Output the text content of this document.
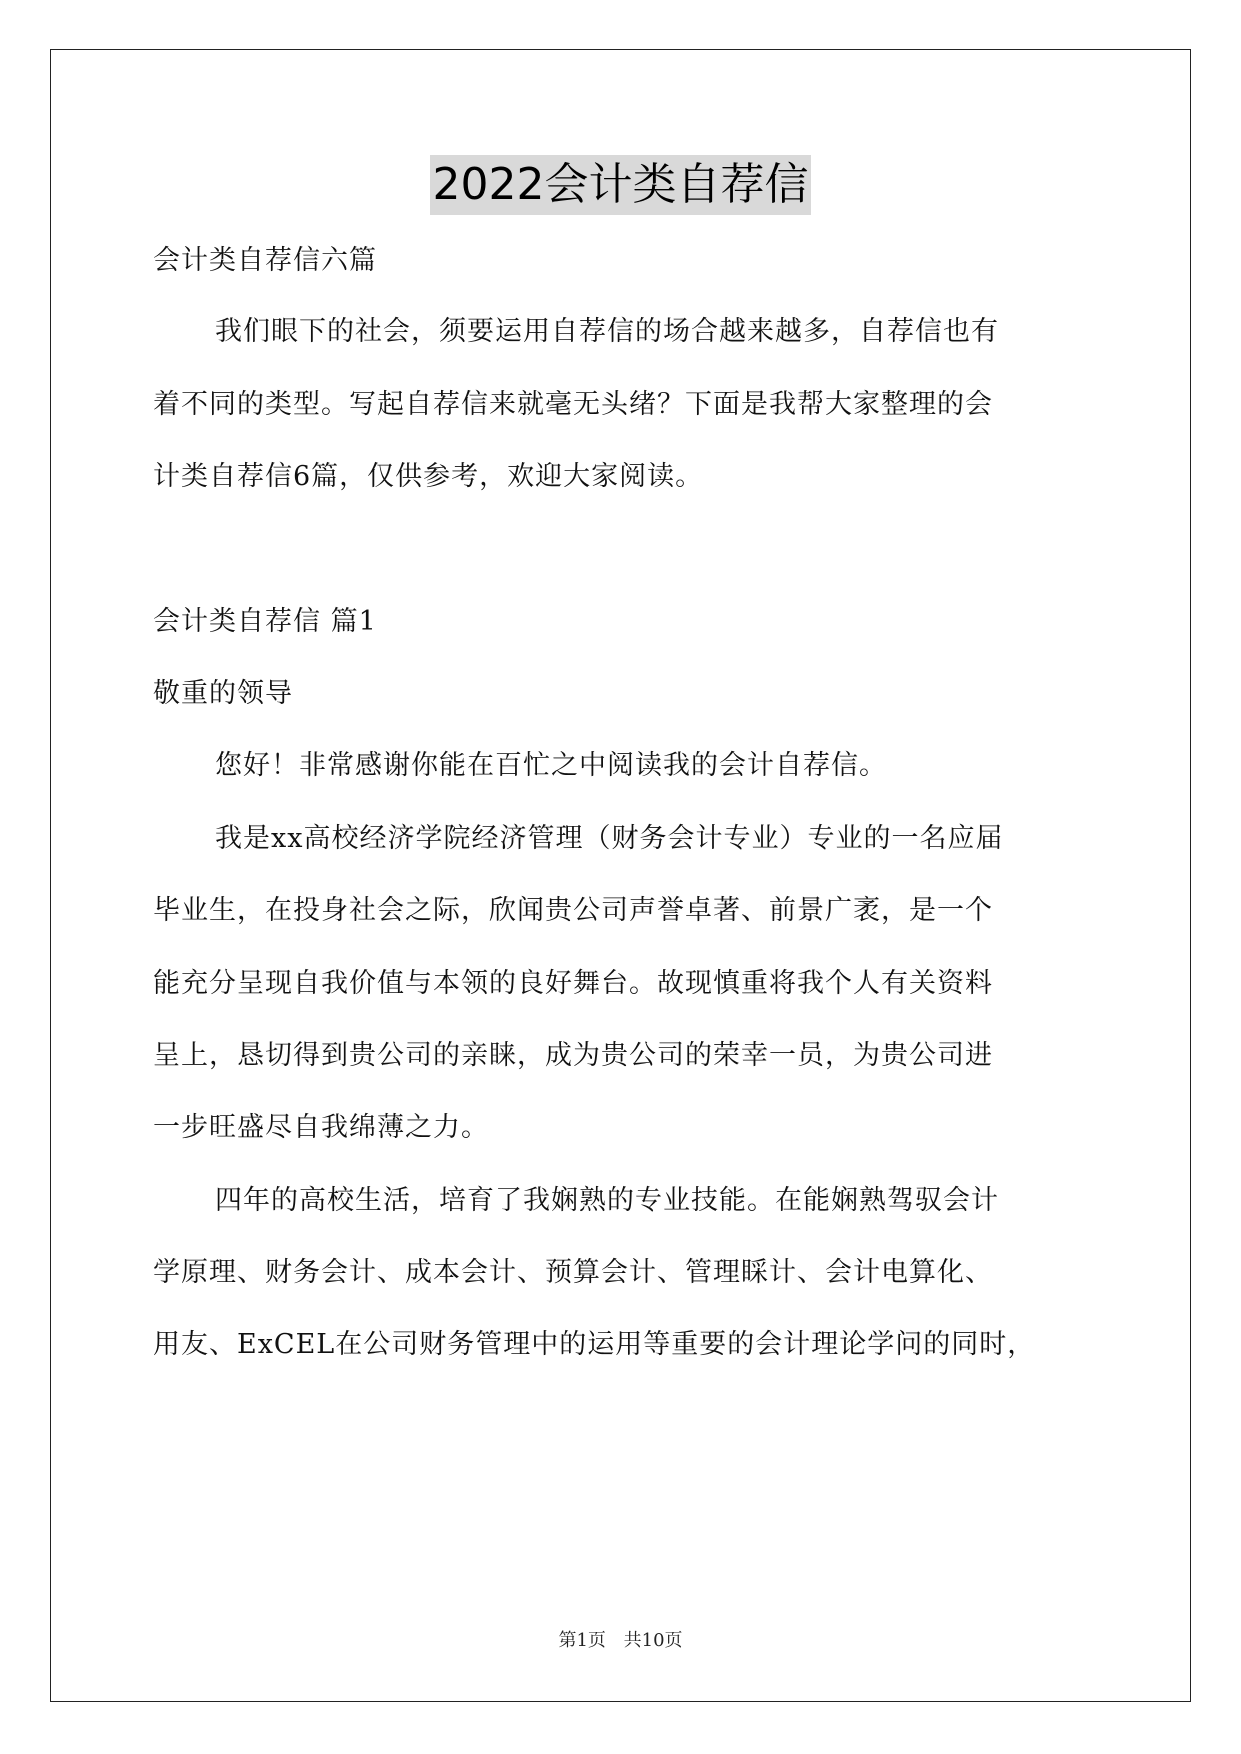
2022会计类自荐信
会计类自荐信六篇
我们眼下的社会，须要运用自荐信的场合越来越多，自荐信也有
着不同的类型。写起自荐信来就毫无头绪？下面是我帮大家整理的会
计类自荐信6篇，仅供参考，欢迎大家阅读。
会计类自荐信 篇1
敬重的领导
您好！非常感谢你能在百忙之中阅读我的会计自荐信。
我是xx高校经济学院经济管理（财务会计专业）专业的一名应届
毕业生，在投身社会之际，欣闻贵公司声誉卓著、前景广袤，是一个
能充分呈现自我价值与本领的良好舞台。故现慎重将我个人有关资料
呈上，恳切得到贵公司的亲睐，成为贵公司的荣幸一员，为贵公司进
一步旺盛尽自我绵薄之力。
四年的高校生活，培育了我娴熟的专业技能。在能娴熟驾驭会计
学原理、财务会计、成本会计、预算会计、管理睬计、会计电算化、
用友、ExCEL在公司财务管理中的运用等重要的会计理论学问的同时，
第1页 共10页
